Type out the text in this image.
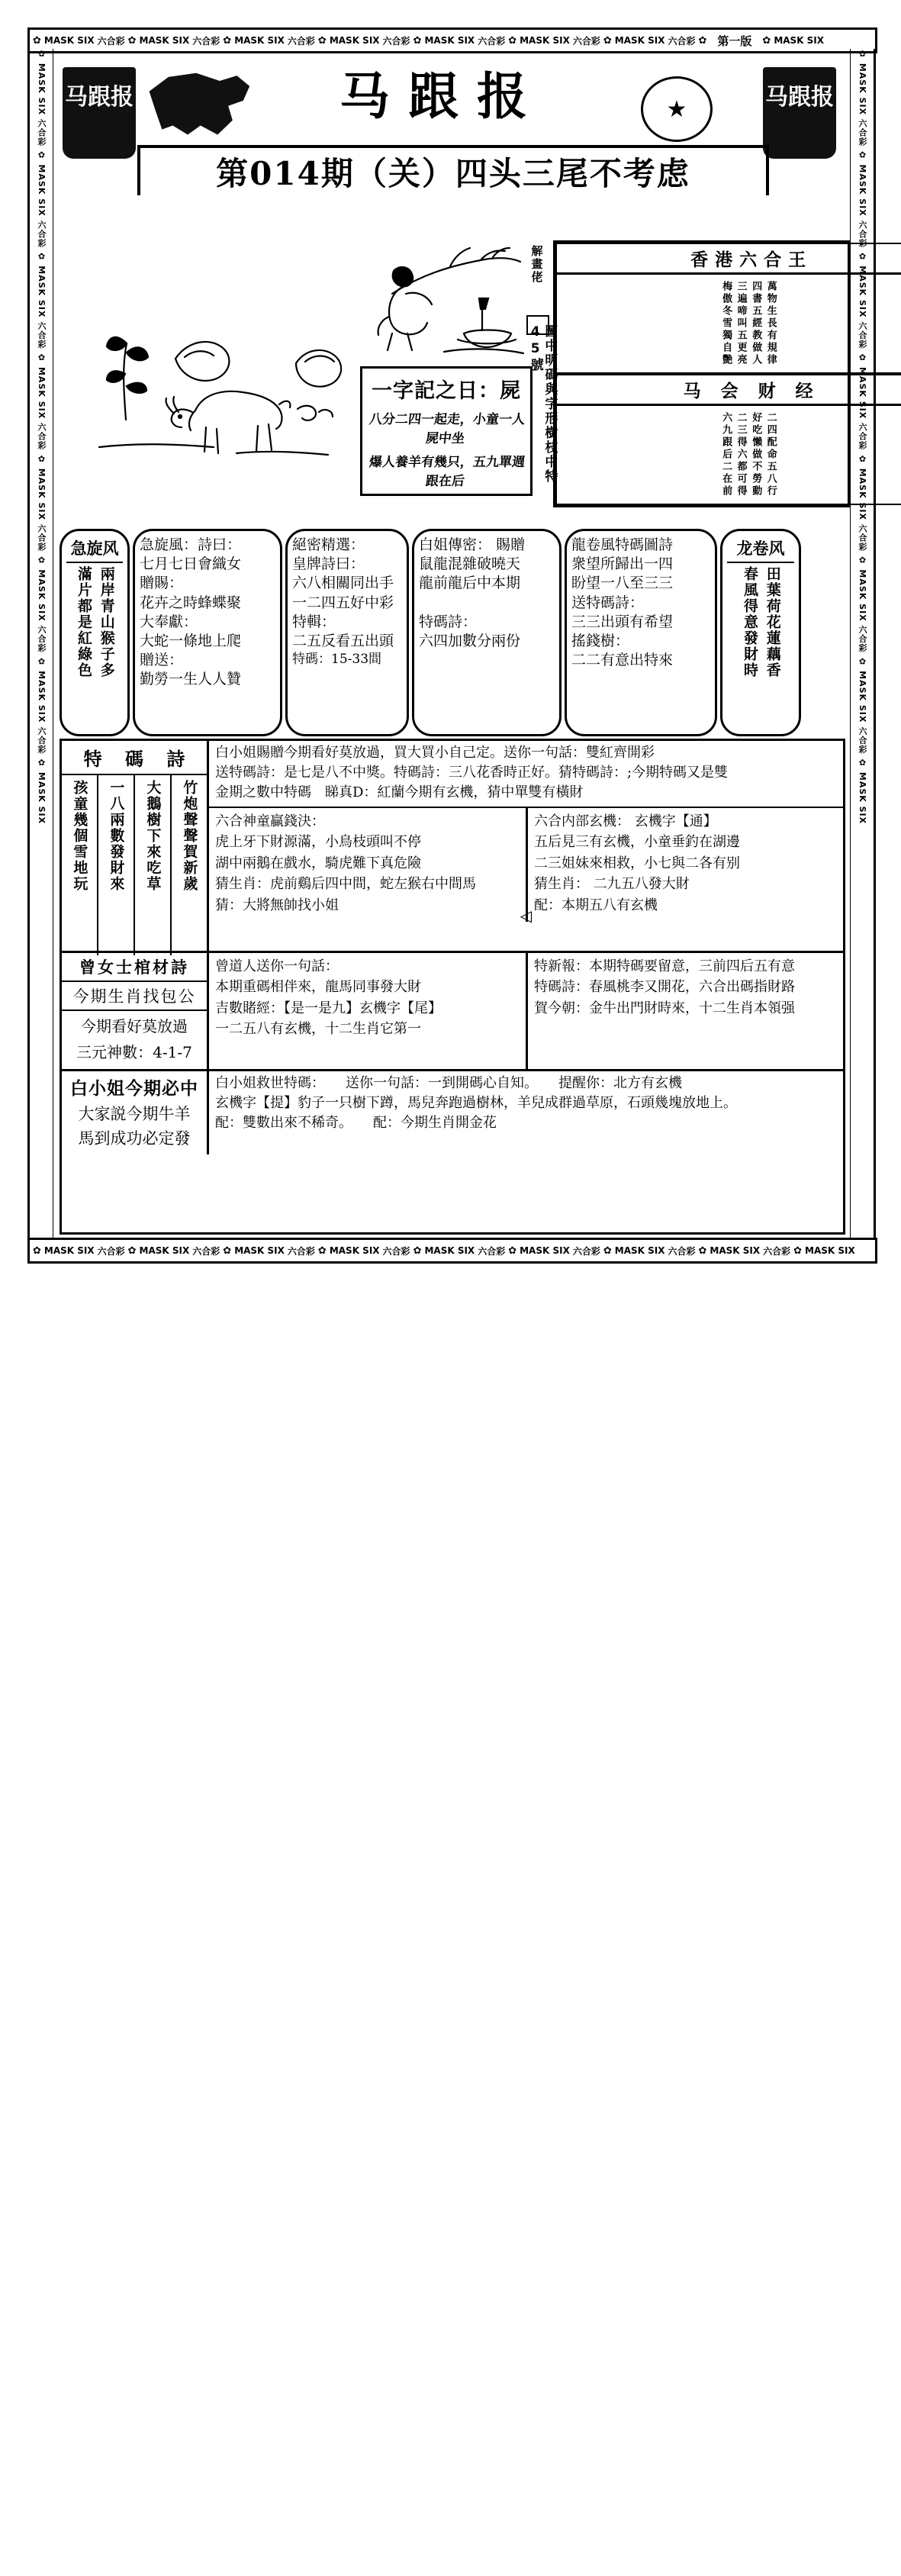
✿ MASK SIX 六合彩 ✿ MASK SIX 六合彩 ✿ MASK SIX 六合彩 ✿ MASK SIX 六合彩 ✿ MASK SIX 六合彩 ✿ MASK SIX 六合彩 ✿ MASK SIX 六合彩 ✿ 第一版 ✿ MASK SIX
✿ MASK SIX 六合彩 ✿ MASK SIX 六合彩 ✿ MASK SIX 六合彩 ✿ MASK SIX 六合彩 ✿ MASK SIX 六合彩 ✿ MASK SIX 六合彩 ✿ MASK SIX 六合彩 ✿ MASK SIX	✿ MASK SIX 六合彩 ✿ MASK SIX 六合彩 ✿ MASK SIX 六合彩 ✿ MASK SIX 六合彩 ✿ MASK SIX 六合彩 ✿ MASK SIX 六合彩 ✿ MASK SIX 六合彩 ✿ MASK SIX
马跟报	马跟报	★	马跟报
第014期（关）四头三尾不考虑
解畫佬
圖中明碼與字形樹枝中特45號
一字記之日：屍
八分二四一起走，小童一人屍中坐
爆人養羊有幾只，五九單週跟在后
香港六合王
萬物生長有規律
四書五經教做人
三遍啼叫五更亮
梅傲冬雪獨自艷
马 会 财 经
二四配命五八行
好吃懶做不勞動
二三得六都可得
六九跟后二在前
急旋风
兩岸青山猴子多
滿片都是紅綠色

急旋風：詩曰：

七月七日會織女

贈賜：

花卉之時蜂蝶聚

大奉獻：

大蛇一條地上爬

贈送：

勤勞一生人人贊

絕密精選：

皇牌詩曰：

六八相關同出手

一二四五好中彩

特輯：

二五反看五出頭

特碼：15-33間

白姐傳密： 賜贈

鼠龍混雜破曉天

龍前龍后中本期

特碼詩：

六四加數分兩份

龍卷風特碼圖詩

衆望所歸出一四

盼望一八至三三

送特碼詩：

三三出頭有希望

搖錢樹：

二二有意出特來

龙卷风
田葉荷花蓮藕香
春風得意發財時
特 碼 詩
竹炮聲聲賀新歲
大鵝樹下來吃草
一八兩數發財來
孩童幾個雪地玩

白小姐賜贈今期看好莫放過，買大買小自己定。送你一句話：雙紅齊開彩

送特碼詩：是七是八不中獎。特碼詩：三八花香時正好。猜特碼詩：;今期特碼又是雙

金期之數中特碼　睇真D：紅蘭今期有玄機，猜中單雙有橫財

六合神童贏錢決：

虎上牙下財源滿，小鳥枝頭叫不停

湖中兩鵝在戲水，騎虎難下真危險

猜生肖：虎前鷄后四中間，蛇左猴右中間馬

猜：大將無帥找小姐

◁

六合内部玄機： 玄機字【通】

五后見三有玄機，小童垂釣在湖邊

二三姐妹來相救，小七與二各有别

猜生肖： 二九五八發大財

配：本期五八有玄機

曾女士棺材詩
今期生肖找包公
今期看好莫放過
三元神數：4-1-7

曾道人送你一句話：

本期重碼相伴來，龍馬同事發大財

吉數賭經：【是一是九】玄機字【尾】

一二五八有玄機，十二生肖它第一

特新報：本期特碼要留意，三前四后五有意

特碼詩：春風桃李又開花，六合出碼指財路

賀今朝：金牛出門財時來，十二生肖本領强

白小姐今期必中
大家説今期牛羊
馬到成功必定發

白小姐救世特碼：　　送你一句話：一到開碼心自知。　　提醒你：北方有玄機

玄機字【提】豹子一只樹下蹲，馬兒奔跑過樹林，羊兒成群過草原，石頭幾塊放地上。

配：雙數出來不稀奇。　　配：今期生肖開金花

✿ MASK SIX 六合彩 ✿ MASK SIX 六合彩 ✿ MASK SIX 六合彩 ✿ MASK SIX 六合彩 ✿ MASK SIX 六合彩 ✿ MASK SIX 六合彩 ✿ MASK SIX 六合彩 ✿ MASK SIX 六合彩 ✿ MASK SIX
